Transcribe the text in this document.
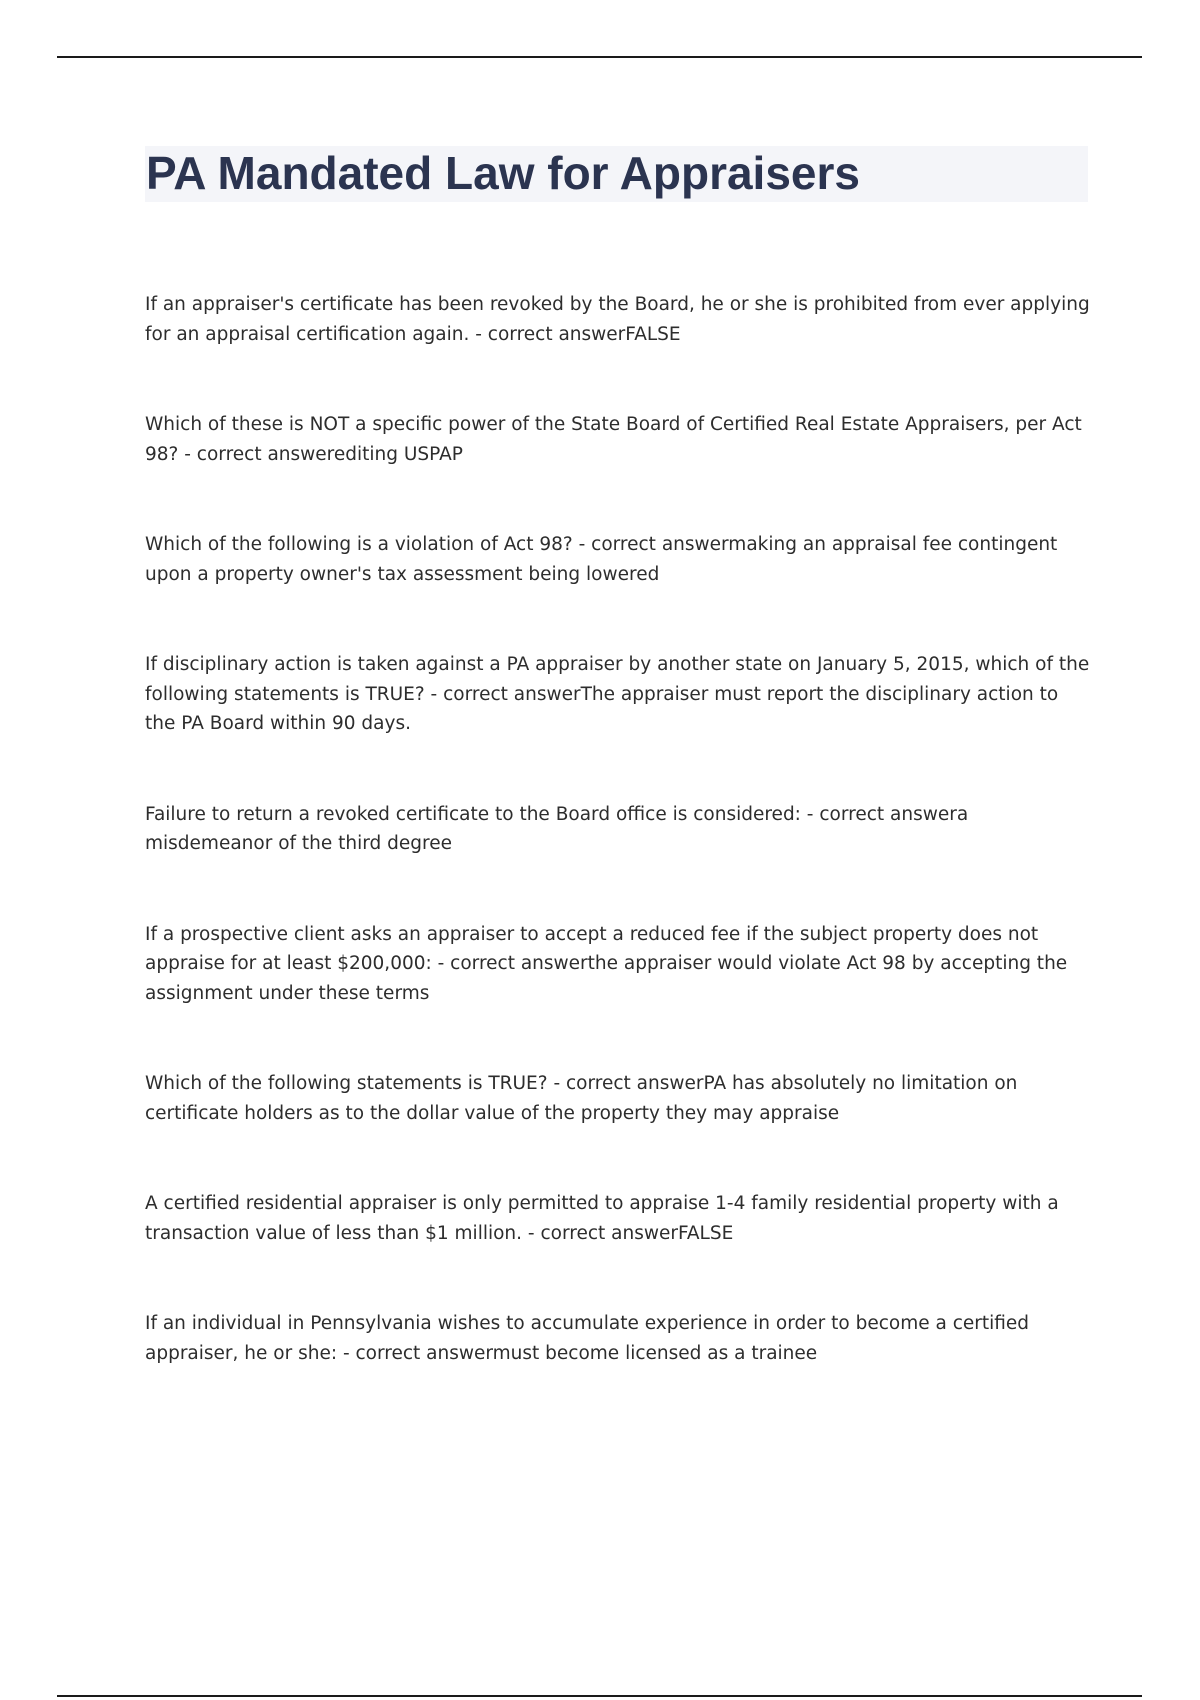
PA Mandated Law for Appraisers
If an appraiser's certificate has been revoked by the Board, he or she is prohibited from ever applying for an appraisal certification again. - correct answerFALSE
Which of these is NOT a specific power of the State Board of Certified Real Estate Appraisers, per Act 98? - correct answerediting USPAP
Which of the following is a violation of Act 98? - correct answermaking an appraisal fee contingent upon a property owner's tax assessment being lowered
If disciplinary action is taken against a PA appraiser by another state on January 5, 2015, which of the following statements is TRUE? - correct answerThe appraiser must report the disciplinary action to the PA Board within 90 days.
Failure to return a revoked certificate to the Board office is considered: - correct answera misdemeanor of the third degree
If a prospective client asks an appraiser to accept a reduced fee if the subject property does not appraise for at least $200,000: - correct answerthe appraiser would violate Act 98 by accepting the assignment under these terms
Which of the following statements is TRUE? - correct answerPA has absolutely no limitation on certificate holders as to the dollar value of the property they may appraise
A certified residential appraiser is only permitted to appraise 1-4 family residential property with a transaction value of less than $1 million. - correct answerFALSE
If an individual in Pennsylvania wishes to accumulate experience in order to become a certified appraiser, he or she: - correct answermust become licensed as a trainee
